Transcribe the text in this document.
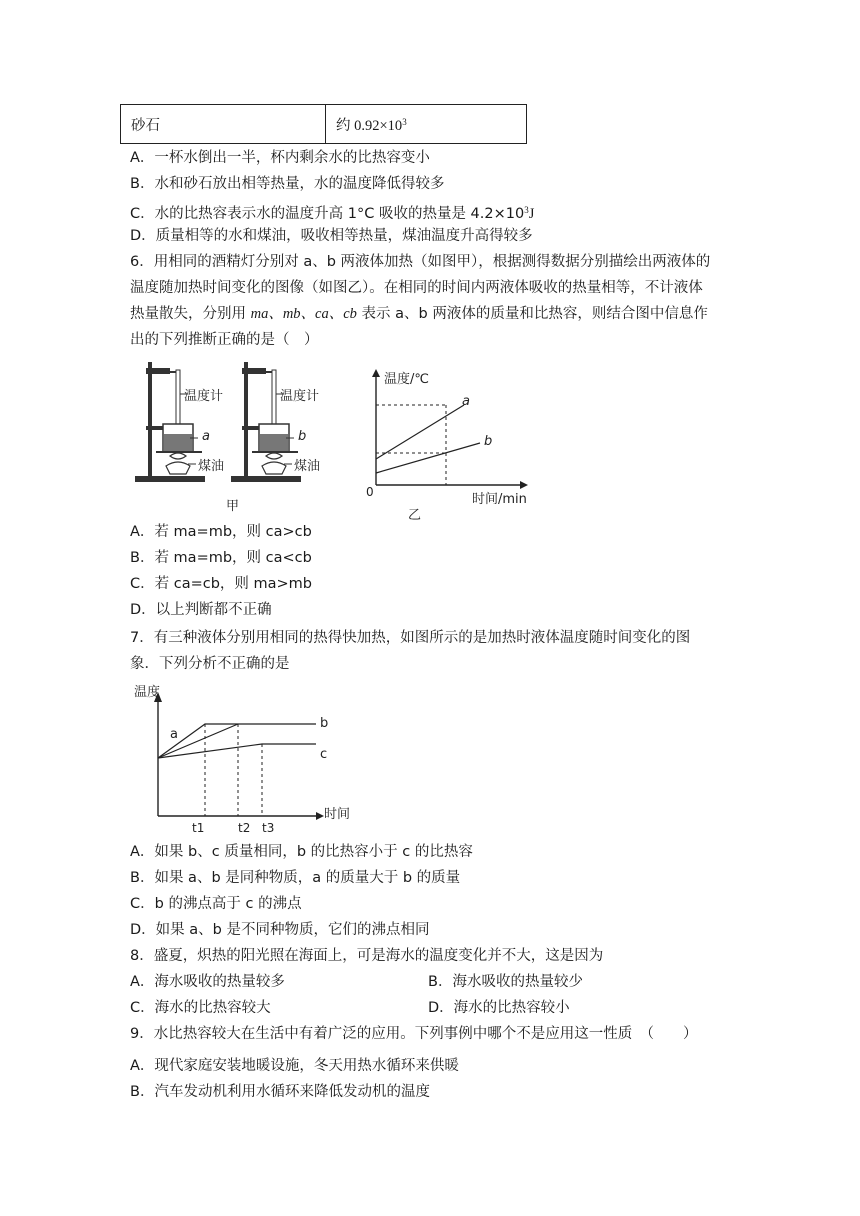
砂石	约 $0.92\times 10^3$
A．一杯水倒出一半，杯内剩余水的比热容变小
B．水和砂石放出相等热量，水的温度降低得较多
C．水的比热容表示水的温度升高 1°C 吸收的热量是 $4.2\times 10^3J$
D．质量相等的水和煤油，吸收相等热量，煤油温度升高得较多
6．用相同的酒精灯分别对 a、b 两液体加热（如图甲），根据测得数据分别描绘出两液体的
温度随加热时间变化的图像（如图乙）。在相同的时间内两液体吸收的热量相等，不计液体
热量散失，分别用 ma、mb、ca、cb 表示 a、b 两液体的质量和比热容，则结合图中信息作
出的下列推断正确的是（　）
温度计
a
煤油
温度计
b
煤油
甲
温度/℃
时间/min
0
a
b
乙
A．若 ma=mb，则 ca>cb
B．若 ma=mb，则 ca<cb
C．若 ca=cb，则 ma>mb
D．以上判断都不正确
7．有三种液体分别用相同的热得快加热，如图所示的是加热时液体温度随时间变化的图
象．下列分析不正确的是
温度
时间
a
b
c
t1	t2 t3
A．如果 b、c 质量相同，b 的比热容小于 c 的比热容
B．如果 a、b 是同种物质，a 的质量大于 b 的质量
C．b 的沸点高于 c 的沸点
D．如果 a、b 是不同种物质，它们的沸点相同
8．盛夏，炽热的阳光照在海面上，可是海水的温度变化并不大，这是因为
A．海水吸收的热量较多	B．海水吸收的热量较少
C．海水的比热容较大	D．海水的比热容较小
9．水比热容较大在生活中有着广泛的应用。下列事例中哪个不是应用这一性质　（　　）
A．现代家庭安装地暖设施，冬天用热水循环来供暖
B．汽车发动机利用水循环来降低发动机的温度
